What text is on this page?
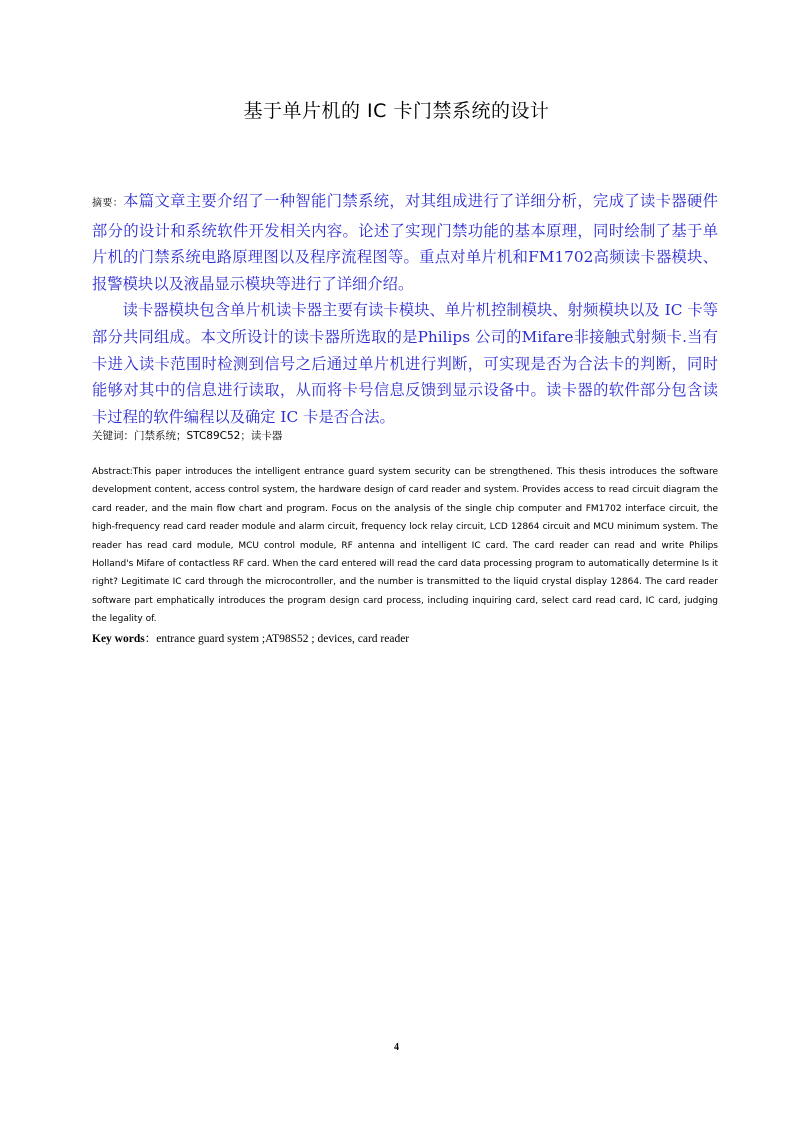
基于单片机的 IC 卡门禁系统的设计

摘要：本篇文章主要介绍了一种智能门禁系统，对其组成进行了详细分析，完成了读卡器硬件部分的设计和系统软件开发相关内容。论述了实现门禁功能的基本原理，同时绘制了基于单片机的门禁系统电路原理图以及程序流程图等。重点对单片机和FM1702高频读卡器模块、报警模块以及液晶显示模块等进行了详细介绍。

读卡器模块包含单片机读卡器主要有读卡模块、单片机控制模块、射频模块以及 IC 卡等部分共同组成。本文所设计的读卡器所选取的是Philips 公司的Mifare非接触式射频卡.当有卡进入读卡范围时检测到信号之后通过单片机进行判断，可实现是否为合法卡的判断，同时能够对其中的信息进行读取，从而将卡号信息反馈到显示设备中。读卡器的软件部分包含读卡过程的软件编程以及确定 IC 卡是否合法。

关键词：门禁系统；STC89C52；读卡器
Abstract:This paper introduces the intelligent entrance guard system security can be strengthened. This thesis introduces the software development content, access control system, the hardware design of card reader and system. Provides access to read circuit diagram the card reader, and the main flow chart and program. Focus on the analysis of the single chip computer and FM1702 interface circuit, the high-frequency read card reader module and alarm circuit, frequency lock relay circuit, LCD 12864 circuit and MCU minimum system. The reader has read card module, MCU control module, RF antenna and intelligent IC card. The card reader can read and write Philips Holland's Mifare of contactless RF card. When the card entered will read the card data processing program to automatically determine Is it right? Legitimate IC card through the microcontroller, and the number is transmitted to the liquid crystal display 12864. The card reader software part emphatically introduces the program design card process, including inquiring card, select card read card, IC card, judging the legality of.
Key words：entrance guard system ;AT98S52 ; devices, card reader
4
